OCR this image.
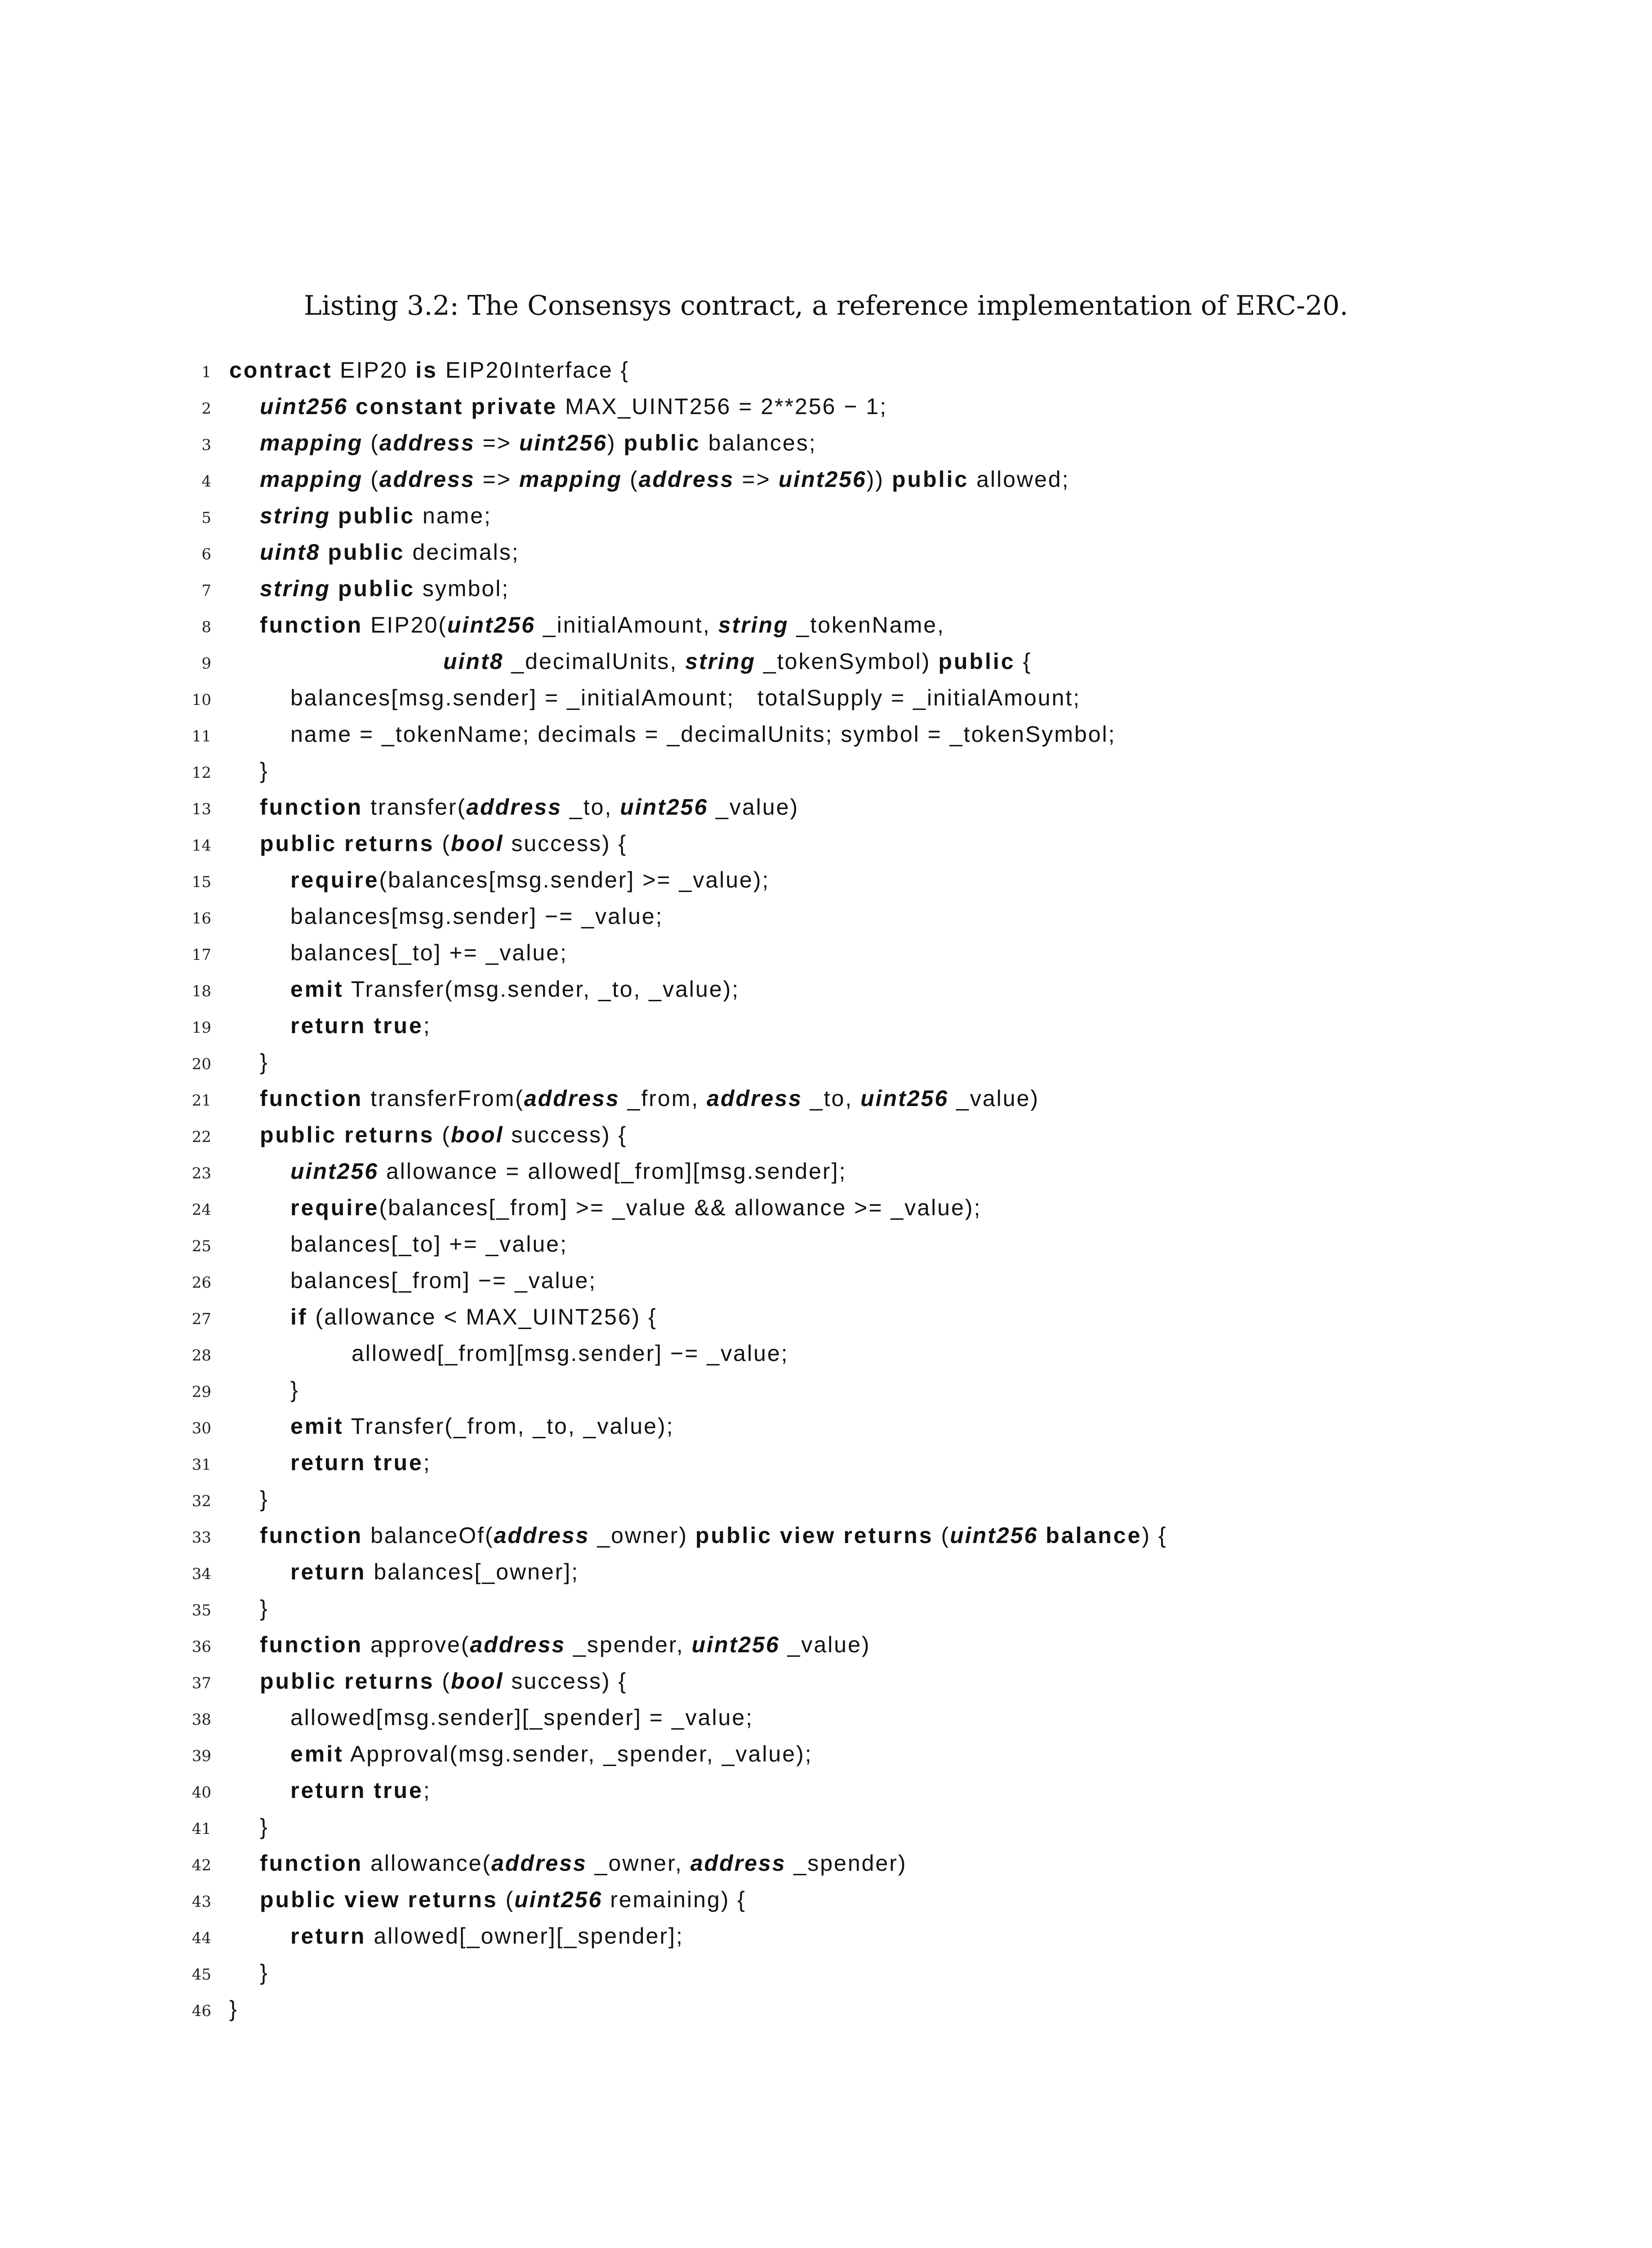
Listing 3.2: The Consensys contract, a reference implementation of ERC-20.
1 contract EIP20 is EIP20Interface {
2 uint256 constant private MAX_UINT256 = 2**256 − 1;
3 mapping (address => uint256) public balances;
4 mapping (address => mapping (address => uint256)) public allowed;
5 string public name;
6 uint8 public decimals;
7 string public symbol;
8 function EIP20(uint256 _initialAmount, string _tokenName,
9	uint8 _decimalUnits, string _tokenSymbol) public {
10	balances[msg.sender] = _initialAmount;   totalSupply = _initialAmount;
11	name = _tokenName; decimals = _decimalUnits; symbol = _tokenSymbol;
12 }
13 function transfer(address _to, uint256 _value)
14 public returns (bool success) {
15	require(balances[msg.sender] >= _value);
16	balances[msg.sender] −= _value;
17	balances[_to] += _value;
18	emit Transfer(msg.sender, _to, _value);
19	return true;
20 }
21 function transferFrom(address _from, address _to, uint256 _value)
22 public returns (bool success) {
23	uint256 allowance = allowed[_from][msg.sender];
24	require(balances[_from] >= _value && allowance >= _value);
25	balances[_to] += _value;
26	balances[_from] −= _value;
27	if (allowance < MAX_UINT256) {
28	allowed[_from][msg.sender] −= _value;
29	}
30	emit Transfer(_from, _to, _value);
31	return true;
32 }
33 function balanceOf(address _owner) public view returns (uint256 balance) {
34	return balances[_owner];
35 }
36 function approve(address _spender, uint256 _value)
37 public returns (bool success) {
38	allowed[msg.sender][_spender] = _value;
39	emit Approval(msg.sender, _spender, _value);
40	return true;
41 }
42 function allowance(address _owner, address _spender)
43 public view returns (uint256 remaining) {
44	return allowed[_owner][_spender];
45 }
46 }
